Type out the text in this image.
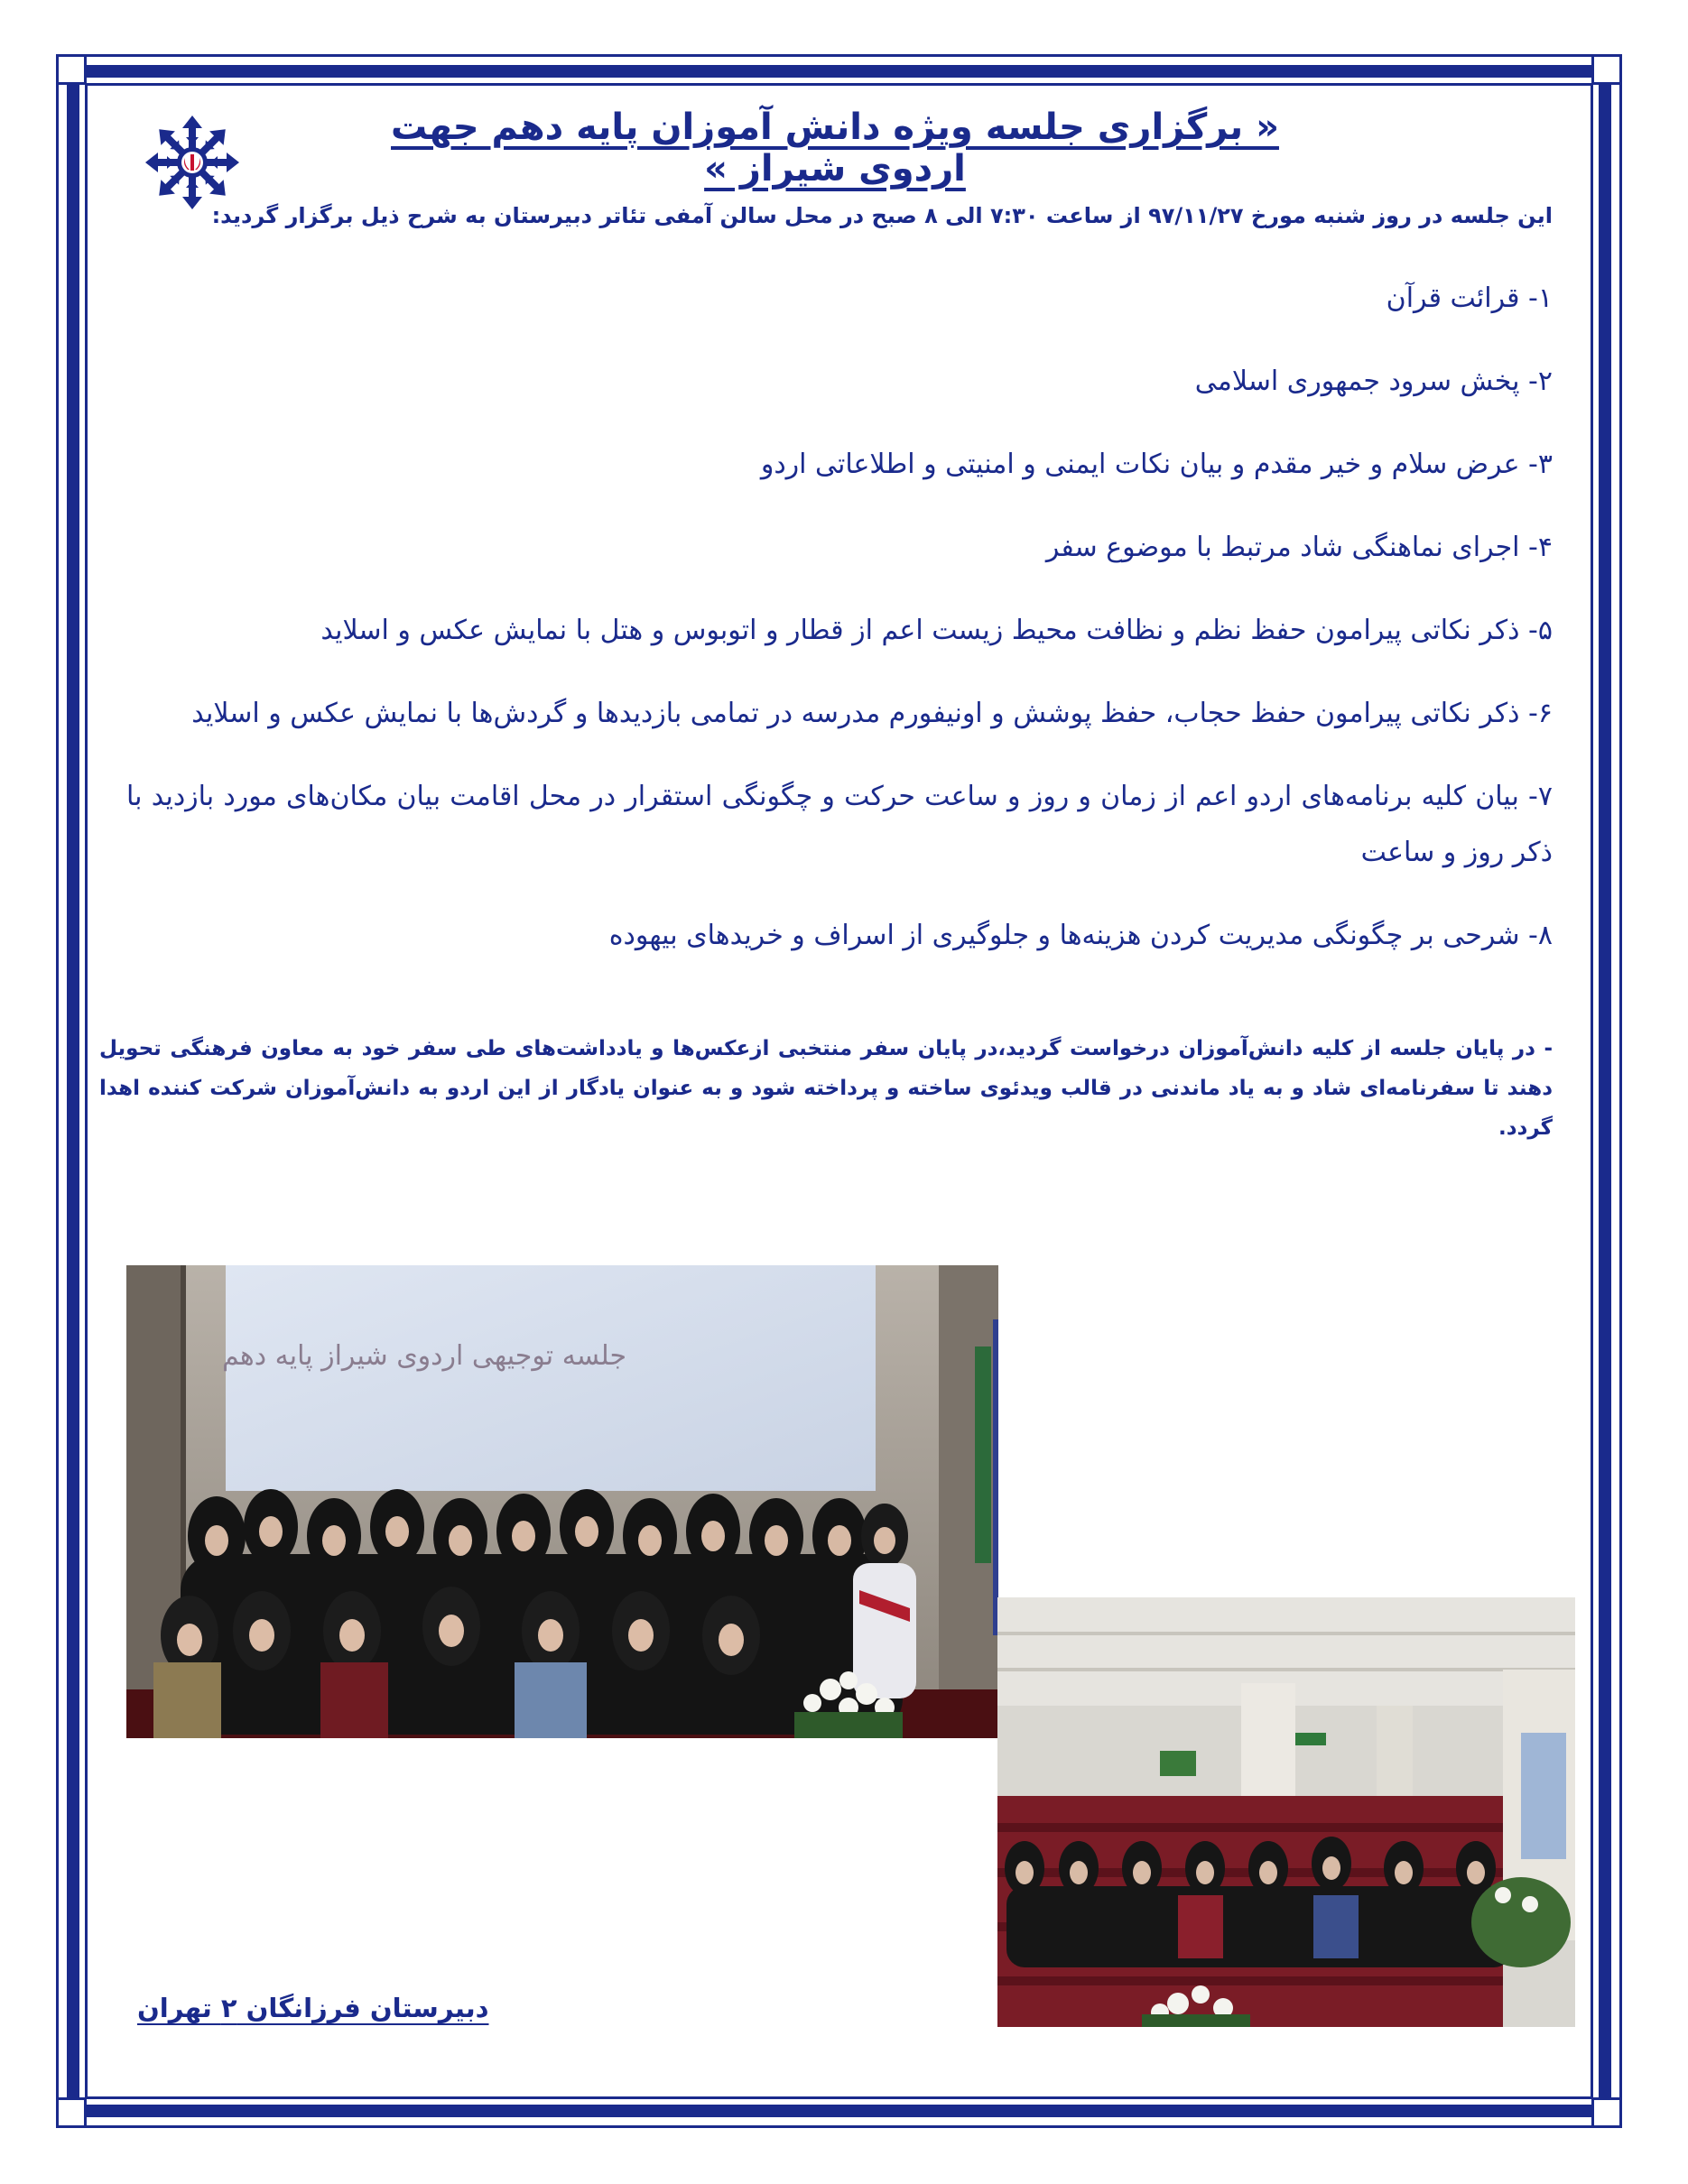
« برگزاری جلسه ویژه دانش آموزان پایه دهم جهت اردوی شیراز »
این جلسه در روز شنبه مورخ ۹۷/۱۱/۲۷ از ساعت ۷:۳۰ الی ۸ صبح در محل سالن آمفی تئاتر دبیرستان به شرح ذیل برگزار گردید:
۱- قرائت قرآن
۲- پخش سرود جمهوری اسلامی
۳- عرض سلام و خیر مقدم و بیان نکات ایمنی و امنیتی و اطلاعاتی اردو
۴- اجرای نماهنگی شاد مرتبط با موضوع سفر
۵- ذکر نکاتی پیرامون حفظ نظم و نظافت محیط زیست اعم از قطار و اتوبوس و هتل با نمایش عکس و اسلاید
۶- ذکر نکاتی پیرامون حفظ حجاب، حفظ پوشش و اونیفورم مدرسه در تمامی بازدیدها و گردش‌ها با نمایش عکس و اسلاید
۷- بیان کلیه برنامه‌های اردو اعم از زمان و روز و ساعت حرکت و چگونگی استقرار در محل اقامت بیان مکان‌های مورد بازدید با ذکر روز و ساعت
۸- شرحی بر چگونگی مدیریت کردن هزینه‌ها و جلوگیری از اسراف و خریدهای بیهوده
- در پایان جلسه از کلیه دانش‌آموزان درخواست گردید،در پایان سفر منتخبی ازعکس‌ها و یادداشت‌های طی سفر خود به معاون فرهنگی تحویل دهند تا سفرنامه‌ای شاد و به یاد ماندنی در قالب ویدئوی ساخته و پرداخته شود و به عنوان یادگار از این اردو به دانش‌آموزان شرکت کننده اهدا گردد.
جلسه توجیهی اردوی شیراز پایه دهم
دبیرستان فرزانگان ۲ تهران
